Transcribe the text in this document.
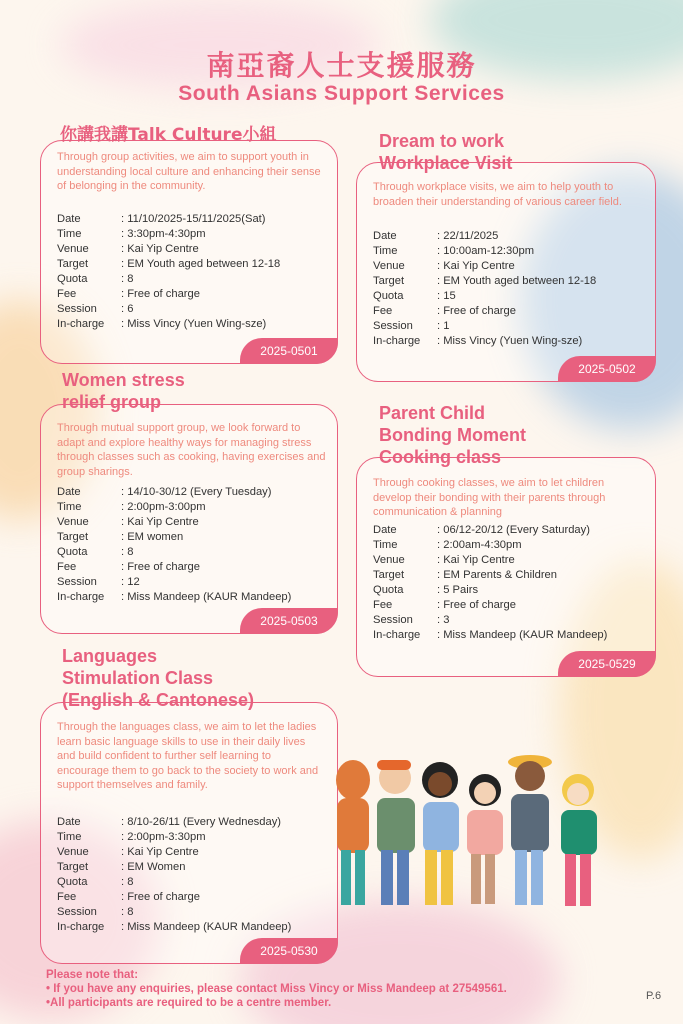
南亞裔人士支援服務
South Asians Support Services
2025-0501
你講我講Talk Culture小組
Through group activities, we aim to support youth in understanding local culture and enhancing their sense of belonging in the community.
Date	: 11/10/2025-15/11/2025(Sat)
Time	: 3:30pm-4:30pm
Venue	: Kai Yip Centre
Target	: EM Youth aged between 12-18
Quota	: 8
Fee	: Free of charge
Session	: 6
In-charge	: Miss Vincy (Yuen Wing-sze)
2025-0502
Dream to work
Workplace Visit
Through workplace visits, we aim to help youth to broaden their understanding of various career field.
Date	: 22/11/2025
Time	: 10:00am-12:30pm
Venue	: Kai Yip Centre
Target	: EM Youth aged between 12-18
Quota	: 15
Fee	: Free of charge
Session	: 1
In-charge	: Miss Vincy (Yuen Wing-sze)
2025-0503
Women stress
relief group
Through mutual support group, we look forward to adapt and explore healthy ways for managing stress through classes such as cooking, having exercises and group sharings.
Date	: 14/10-30/12 (Every Tuesday)
Time	: 2:00pm-3:00pm
Venue	: Kai Yip Centre
Target	: EM women
Quota	: 8
Fee	: Free of charge
Session	: 12
In-charge	: Miss Mandeep (KAUR Mandeep)
2025-0529
Parent Child
Bonding Moment
Cooking class
Through cooking classes, we aim to let children develop their bonding with their parents through communication & planning
Date	: 06/12-20/12 (Every Saturday)
Time	: 2:00am-4:30pm
Venue	: Kai Yip Centre
Target	: EM Parents & Children
Quota	: 5 Pairs
Fee	: Free of charge
Session	: 3
In-charge	: Miss Mandeep (KAUR Mandeep)
2025-0530
Languages
Stimulation Class
(English & Cantonese)
Through the languages class, we aim to let the ladies learn basic language skills to use in their daily lives and build confident to further self learning to encourage them to go back to the society to work and support themselves and family.
Date	: 8/10-26/11 (Every Wednesday)
Time	: 2:00pm-3:30pm
Venue	: Kai Yip Centre
Target	: EM Women
Quota	: 8
Fee	: Free of charge
Session	: 8
In-charge	: Miss Mandeep (KAUR Mandeep)
Please note that:
• If you have any enquiries, please contact Miss Vincy or Miss Mandeep at 27549561.
•All participants are required to be a centre member.
P.6
